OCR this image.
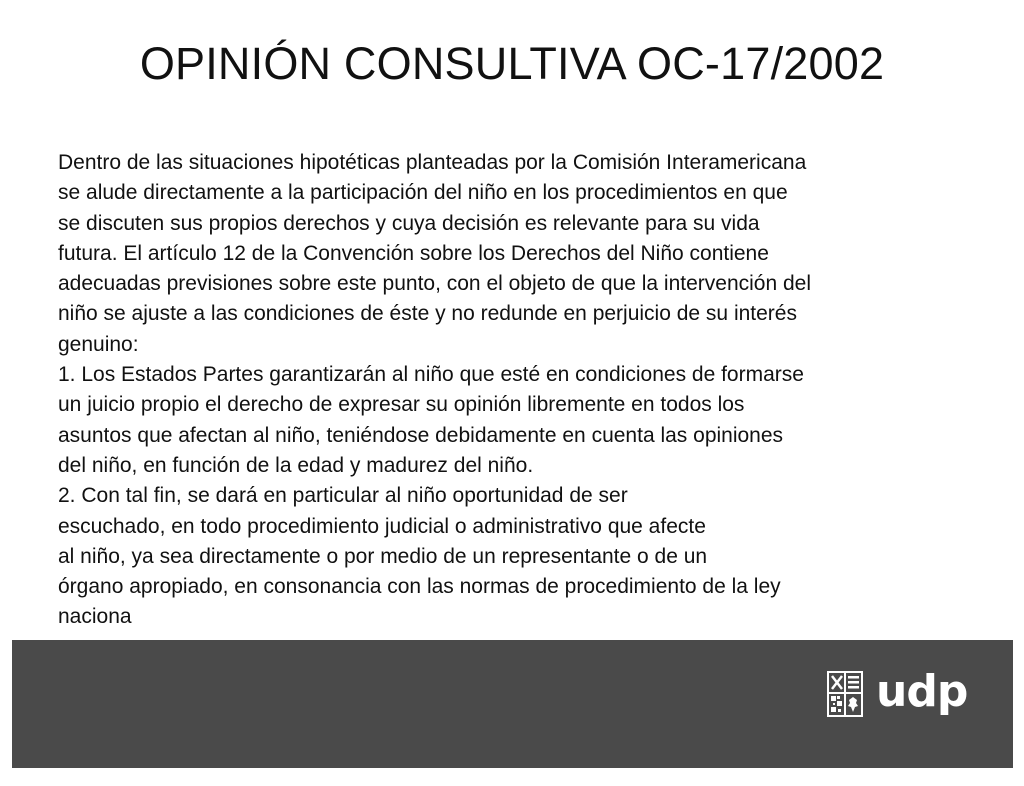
OPINIÓN CONSULTIVA OC-17/2002
Dentro de las situaciones hipotéticas planteadas por la Comisión Interamericana
se alude directamente a la participación del niño en los procedimientos en que
se discuten sus propios derechos y cuya decisión es relevante para su vida
futura. El artículo 12 de la Convención sobre los Derechos del Niño contiene
adecuadas previsiones sobre este punto, con el objeto de que la intervención del
niño se ajuste a las condiciones de éste y no redunde en perjuicio de su interés
genuino:
1. Los Estados Partes garantizarán al niño que esté en condiciones de formarse
un juicio propio el derecho de expresar su opinión libremente en todos los
asuntos que afectan al niño, teniéndose debidamente en cuenta las opiniones
del niño, en función de la edad y madurez del niño.
2. Con tal fin, se dará en particular al niño oportunidad de ser
escuchado, en todo procedimiento judicial o administrativo que afecte
al niño, ya sea directamente o por medio de un representante o de un
órgano apropiado, en consonancia con las normas de procedimiento de la ley
naciona
udp
